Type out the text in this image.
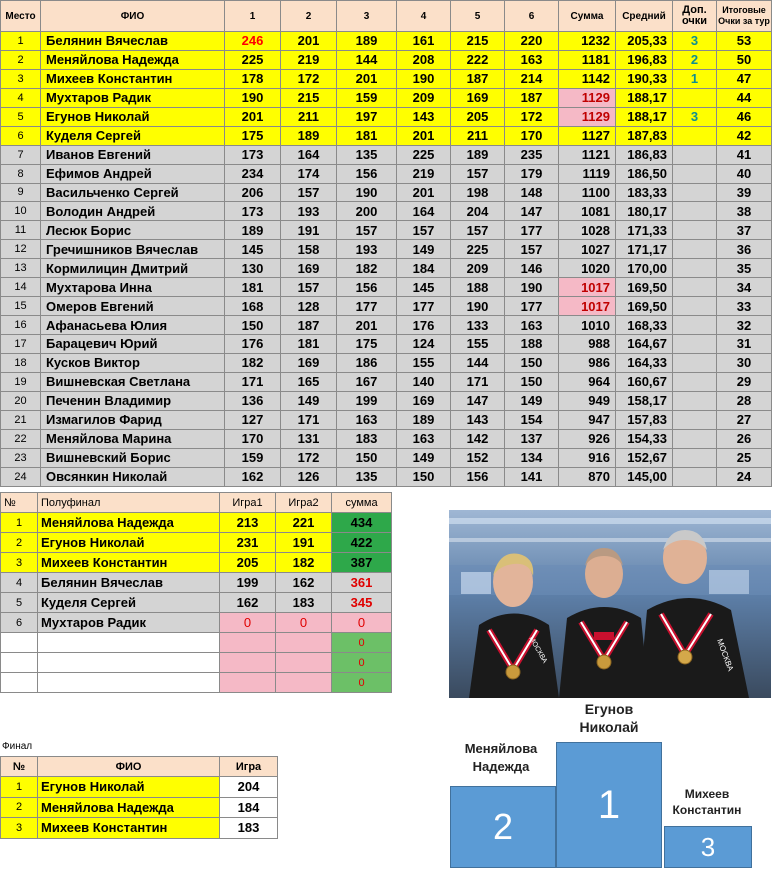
Место	ФИО	1	2	3	4	5	6	Сумма	Средний	Доп. очки	Итоговые Очки за тур
1	Белянин Вячеслав	246	201	189	161	215	220	1232	205,33	3	53
2	Меняйлова Надежда	225	219	144	208	222	163	1181	196,83	2	50
3	Михеев Константин	178	172	201	190	187	214	1142	190,33	1	47
4	Мухтаров Радик	190	215	159	209	169	187	1129	188,17		44
5	Егунов Николай	201	211	197	143	205	172	1129	188,17	3	46
6	Куделя Сергей	175	189	181	201	211	170	1127	187,83		42
7	Иванов Евгений	173	164	135	225	189	235	1121	186,83		41
8	Ефимов Андрей	234	174	156	219	157	179	1119	186,50		40
9	Васильченко Сергей	206	157	190	201	198	148	1100	183,33		39
10	Володин Андрей	173	193	200	164	204	147	1081	180,17		38
11	Лесюк Борис	189	191	157	157	157	177	1028	171,33		37
12	Гречишников Вячеслав	145	158	193	149	225	157	1027	171,17		36
13	Кормилицин Дмитрий	130	169	182	184	209	146	1020	170,00		35
14	Мухтарова Инна	181	157	156	145	188	190	1017	169,50		34
15	Омеров Евгений	168	128	177	177	190	177	1017	169,50		33
16	Афанасьева Юлия	150	187	201	176	133	163	1010	168,33		32
17	Барацевич Юрий	176	181	175	124	155	188	988	164,67		31
18	Кусков Виктор	182	169	186	155	144	150	986	164,33		30
19	Вишневская Светлана	171	165	167	140	171	150	964	160,67		29
20	Печенин Владимир	136	149	199	169	147	149	949	158,17		28
21	Измагилов Фарид	127	171	163	189	143	154	947	157,83		27
22	Меняйлова Марина	170	131	183	163	142	137	926	154,33		26
23	Вишневский Борис	159	172	150	149	152	134	916	152,67		25
24	Овсянкин Николай	162	126	135	150	156	141	870	145,00		24
№	Полуфинал	Игра1	Игра2	сумма
1	Меняйлова Надежда	213	221	434
2	Егунов Николай	231	191	422
3	Михеев Константин	205	182	387
4	Белянин Вячеслав	199	162	361
5	Куделя Сергей	162	183	345
6	Мухтаров Радик	0	0	0
				0
				0
				0
Финал
№	ФИО	Игра
1	Егунов Николай	204
2	Меняйлова Надежда	184
3	Михеев Константин	183
МОСКВА
МОСКВА
Егунов
Николай
Меняйлова
Надежда
Михеев
Константин
1
2	3
